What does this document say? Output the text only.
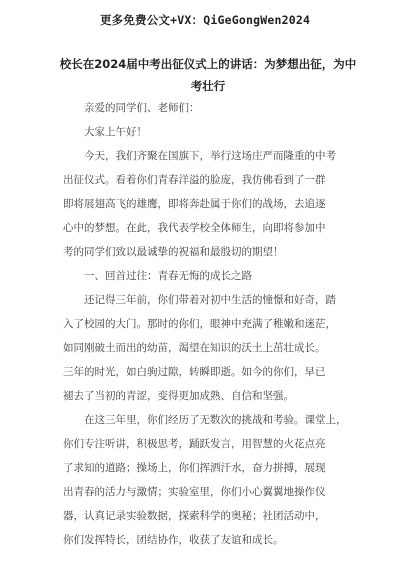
更多免费公文+VX：QiGeGongWen2024
校长在2024届中考出征仪式上的讲话：为梦想出征，为中
考壮行
亲爱的同学们、老师们：
大家上午好！
今天，我们齐聚在国旗下，举行这场庄严而隆重的中考
出征仪式。看着你们青春洋溢的脸庞，我仿佛看到了一群
即将展翅高飞的雄鹰，即将奔赴属于你们的战场，去追逐
心中的梦想。在此，我代表学校全体师生，向即将参加中
考的同学们致以最诚挚的祝福和最殷切的期望！
一、回首过往：青春无悔的成长之路
还记得三年前，你们带着对初中生活的憧憬和好奇，踏
入了校园的大门。那时的你们，眼神中充满了稚嫩和迷茫，
如同刚破土而出的幼苗，渴望在知识的沃土上茁壮成长。
三年的时光，如白驹过隙，转瞬即逝。如今的你们，早已
褪去了当初的青涩，变得更加成熟、自信和坚强。
在这三年里，你们经历了无数次的挑战和考验。课堂上，
你们专注听讲，积极思考，踊跃发言，用智慧的火花点亮
了求知的道路；操场上，你们挥洒汗水，奋力拼搏，展现
出青春的活力与激情；实验室里，你们小心翼翼地操作仪
器，认真记录实验数据，探索科学的奥秘；社团活动中，
你们发挥特长，团结协作，收获了友谊和成长。
